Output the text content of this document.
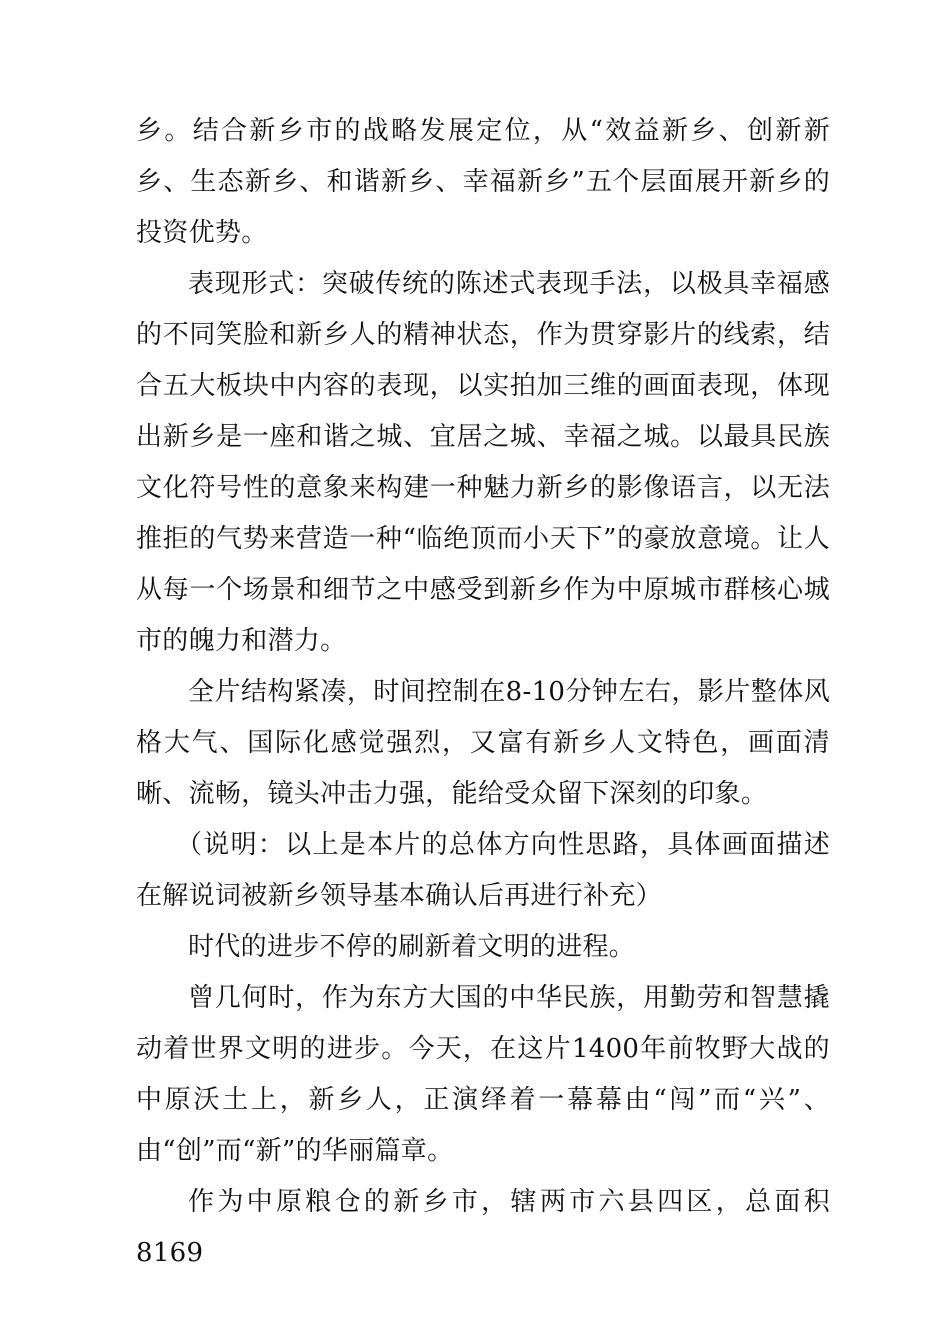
乡。结合新乡市的战略发展定位，从“效益新乡、创新新乡、生态新乡、和谐新乡、幸福新乡”五个层面展开新乡的投资优势。

表现形式：突破传统的陈述式表现手法，以极具幸福感的不同笑脸和新乡人的精神状态，作为贯穿影片的线索，结合五大板块中内容的表现，以实拍加三维的画面表现，体现出新乡是一座和谐之城、宜居之城、幸福之城。以最具民族文化符号性的意象来构建一种魅力新乡的影像语言，以无法推拒的气势来营造一种“临绝顶而小天下”的豪放意境。让人从每一个场景和细节之中感受到新乡作为中原城市群核心城市的魄力和潜力。

全片结构紧凑，时间控制在8-10分钟左右，影片整体风格大气、国际化感觉强烈，又富有新乡人文特色，画面清晰、流畅，镜头冲击力强，能给受众留下深刻的印象。

（说明：以上是本片的总体方向性思路，具体画面描述在解说词被新乡领导基本确认后再进行补充）

时代的进步不停的刷新着文明的进程。

曾几何时，作为东方大国的中华民族，用勤劳和智慧撬动着世界文明的进步。今天，在这片1400年前牧野大战的中原沃土上，新乡人，正演绎着一幕幕由“闯”而“兴”、由“创”而“新”的华丽篇章。

作为中原粮仓的新乡市，辖两市六县四区，总面积8169
